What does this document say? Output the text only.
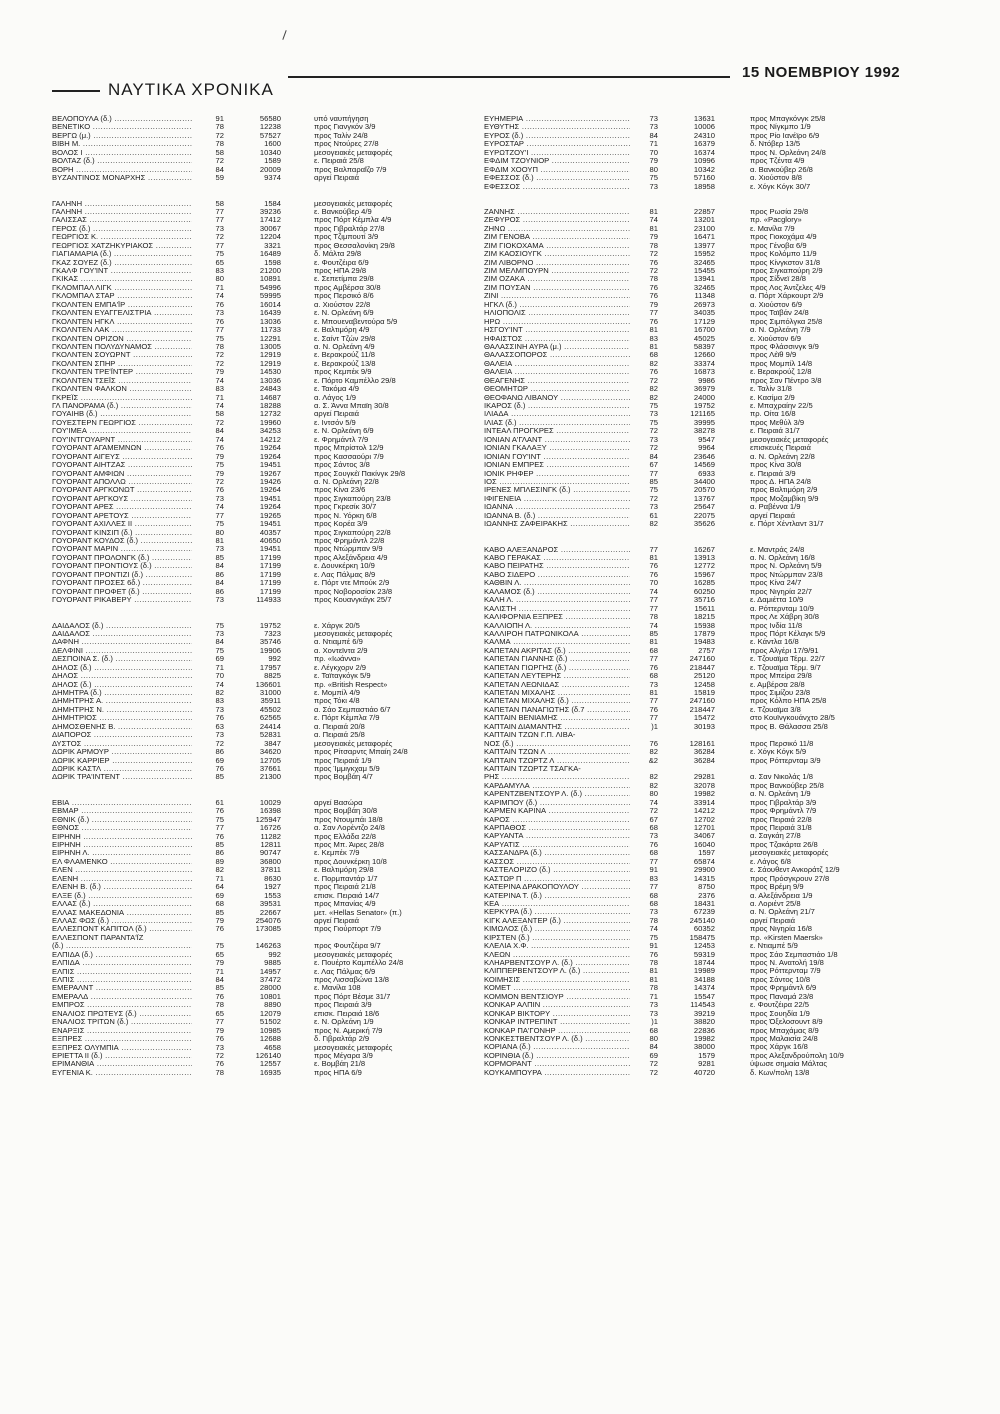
ΝΑΥΤΙΚΑ ΧΡΟΝΙΚΑ
15 ΝΟΕΜΒΡΙΟΥ 1992
ΒΕΛΟΠΟΥΛΑ (δ.) .....	91	56580	υπό ναυπήγηση
ΒΕΝΕΤΙΚΟ .....	78	12238	προς Γιανγκόν 3/9
ΒΕΡΓΩ (μ.) .....	72	57527	προς Ταλίν 24/8
ΒΙΒΗ Μ. .....	78	1600	προς Ντούρες 27/8
ΒΟΛΟΣ Ι .....	58	10340	μεσογειακές μεταφορές
ΒΟΛΤΑΖ (δ.) .....	72	1589	ε. Πειραιά 25/8
ΒΟΡΗ .....	84	20009	προς Βαλπαραΐζο 7/9
ΒΥΖΑΝΤΙΝΟΣ ΜΟΝΑΡΧΗΣ .....	59	9374	αργεί Πειραιά
ΓΑΛΗΝΗ .....	58	1584	μεσογειακές μεταφορές
ΓΑΛΗΝΗ .....	77	39236	ε. Βανκούβερ 4/9
ΓΑΛΙΣΣΑΣ .....	77	17412	προς Πόρτ Κέμπλα 4/9
ΓΕΡΟΣ (δ.) .....	73	30067	προς Γιβραλτάρ 27/8
ΓΕΩΡΓΙΟΣ Κ. .....	72	12204	προς Τζιμπουτί 3/9
ΓΕΩΡΓΙΟΣ ΧΑΤΖΗΚΥΡΙΑΚΟΣ .....	77	3321	προς Θεσσαλονίκη 29/8
ΓΙΑΓΙΑΜΑΡΙΑ (δ.) .....	75	16489	δ. Μάλτα 29/8
ΓΚΑΖ ΣΟΥΕΖ (δ.) .....	65	1598	ε. Φουτζέιρα 6/9
ΓΚΑΛΦ ΓΟΥ'ΙΝΤ .....	83	21200	προς ΗΠΑ 29/8
ΓΚΙΚΑΣ .....	80	10891	ε. Σεπετίμπα 29/8
ΓΚΛΟΜΠΑΛ ΛΙΓΚ .....	71	54996	προς Αμβέρσα 30/8
ΓΚΛΟΜΠΑΛ ΣΤΑΡ .....	74	59995	προς Περσικό 8/6
ΓΚΟΛΝΤΕΝ ΕΜΠΑ'ΪΡ .....	76	16014	α. Χιούστον 22/8
ΓΚΟΛΝΤΕΝ ΕΥΑΓΓΕΛΙΣΤΡΙΑ .....	73	16439	ε. Ν. Ορλεάνη 6/9
ΓΚΟΛΝΤΕΝ ΗΓΚΛ .....	76	13036	ε. Μπουεναβεντούρα 5/9
ΓΚΟΛΝΤΕΝ ΛΑΚ .....	77	11733	ε. Βαλτιμόρη 4/9
ΓΚΟΛΝΤΕΝ ΟΡΙΖΟΝ .....	75	12291	ε. Σαίντ Τζών 29/8
ΓΚΟΛΝΤΕΝ ΠΟΛΥΔΥΝΑΜΟΣ .....	78	13005	α. Ν. Ορλεάνη 4/9
ΓΚΟΛΝΤΕΝ ΣΟΥΩΡΝΤ .....	72	12919	ε. Βερακρούζ 11/8
ΓΚΟΛΝΤΕΝ ΣΠΗΡ .....	72	12919	ε. Βερακρούζ 13/8
ΓΚΟΛΝΤΕΝ ΤΡΕ'ΪΝΤΕΡ .....	79	14530	προς Κεμπέκ 9/9
ΓΚΟΛΝΤΕΝ ΤΣΕΪΣ .....	74	13036	ε. Πόρτο Καμπέλλο 29/8
ΓΚΟΛΝΤΕΝ ΦΑΛΚΟΝ .....	83	24843	ε. Τακόμα 4/9
ΓΚΡΕΪΣ .....	71	14687	α. Λάγος 1/9
ΓΛ ΠΑΝΟΡΑΜΑ (δ.) .....	74	18288	α. Σ. Άννα Μπαϊη 30/8
ΓΟΥΑΙΗΒ (δ.) .....	58	12732	αργεί Πειραιά
ΓΟΥΕΣΤΕΡΝ ΓΕΩΡΓΙΟΣ .....	72	19960	ε. Ιντσόν 5/9
ΓΟΥ'ΙΜΕΑ .....	84	34253	ε. Ν. Ορλεάνη 6/9
ΓΟΥ'ΙΝΤΓΟΥΑΡΝΤ .....	74	14212	ε. Φρημάντλ 7/9
ΓΟΥΟΡΑΝΤ ΑΓΑΜΕΜΝΩΝ .....	76	19264	προς Μπρίστολ 12/9
ΓΟΥΟΡΑΝΤ ΑΙΓΕΥΣ .....	79	19264	προς Κασσαούρι 7/9
ΓΟΥΟΡΑΝΤ ΑΙΗΤΖΑΣ .....	75	19451	προς Σάντος 3/8
ΓΟΥΟΡΑΝΤ ΑΜΦΙΩΝ .....	79	19267	προς Σουγκέϊ Πακίνγκ 29/8
ΓΟΥΟΡΑΝΤ ΑΠΟΛΛΩ .....	72	19426	α. Ν. Ορλεάνη 22/8
ΓΟΥΟΡΑΝΤ ΑΡΓΚΟΝΩΤ .....	76	19264	προς Κίνα 23/6
ΓΟΥΟΡΑΝΤ ΑΡΓΚΟΥΣ .....	73	19451	προς Σιγκαπούρη 23/8
ΓΟΥΟΡΑΝΤ ΑΡΕΣ .....	74	19264	προς Γκρεσίκ 30/7
ΓΟΥΟΡΑΝΤ ΑΡΕΤΟΥΣ .....	77	19265	προς Ν. Υόρκη 6/8
ΓΟΥΟΡΑΝΤ ΑΧΙΛΛΕΣ ΙΙ .....	75	19451	προς Κορέα 3/9
ΓΟΥΟΡΑΝΤ ΚΙΝΣΙΠ (δ.) .....	80	40357	προς Σιγκαπούρη 22/8
ΓΟΥΟΡΑΝΤ ΚΟΥΔΟΣ (δ.) .....	81	40650	προς Φρημάντλ 22/8
ΓΟΥΟΡΑΝΤ ΜΑΡΙΝ .....	73	19451	προς Ντώρμπαν 9/9
ΓΟΥΟΡΑΝΤ ΠΡΟΛΟΝΓΚ (δ.) .....	85	17199	προς Αλεξάνδρεια 4/9
ΓΟΥΟΡΑΝΤ ΠΡΟΝΤΙΟΥΣ (δ.) .....	84	17199	ε. Δουνκέρκη 10/9
ΓΟΥΟΡΑΝΤ ΠΡΟΝΤΙΖΙ (δ.) .....	86	17199	ε. Λας Πάλμας 8/9
ΓΟΥΟΡΑΝΤ ΠΡΟΣΕΣ 6δ.) .....	84	17199	ε. Πόρτ ντε Μπούκ 2/9
ΓΟΥΟΡΑΝΤ ΠΡΟΦΕΤ (δ.) .....	86	17199	προς Νοβοροσίσκ 23/8
ΓΟΥΟΡΑΝΤ ΡΙΚΑΒΕΡΥ .....	73	114933	προς Κουανγκάγκ 25/7
ΔΑΙΔΑΛΟΣ (δ.) .....	75	19752	ε. Χάργκ 20/5
ΔΑΙΔΑΛΟΣ .....	73	7323	μεσογειακές μεταφορές
ΔΑΦΝΗ .....	84	35746	α. Ντιαμπέ 6/9
ΔΕΛΦΙΝΙ .....	75	19906	α. Χοντεϊντα 2/9
ΔΕΣΠΟΙΝΑ Σ. (δ.) .....	69	992	πρ. «Ιωάννα»
ΔΗΛΟΣ (δ.) .....	71	17957	ε. Λέγκχορν 2/9
ΔΗΛΟΣ .....	70	8825	ε. Ταϊταγκόγκ 5/9
ΔΗΛΟΣ (δ.) .....	74	136601	πρ. «British Respect»
ΔΗΜΗΤΡΑ (δ.) .....	82	31000	ε. Μομπίλ 4/9
ΔΗΜΗΤΡΗΣ Α. .....	83	35911	προς Τόκι 4/8
ΔΗΜΗΤΡΗΣ Ν. .....	73	45502	α. Σάο Σεμπαστιάο 6/7
ΔΗΜΗΤΡΙΟΣ .....	76	62565	ε. Πόρτ Κέμπλα 7/9
ΔΗΜΟΣΘΕΝΗΣ Β. .....	63	24414	α. Πειραιά 20/8
ΔΙΑΠΟΡΟΣ .....	73	52831	α. Πειραιά 25/8
ΔΥΣΤΟΣ .....	72	3847	μεσογειακές μεταφορές
ΔΩΡΙΚ ΑΡΜΟΥΡ .....	86	34620	προς Ρίτσαρντς Μπαίη 24/8
ΔΩΡΙΚ ΚΑΡΡΙΕΡ .....	69	12705	προς Πειραιά 1/9
ΔΩΡΙΚ ΚΑΣΤΛ .....	76	37661	προς Ίμμιγκχαμ 5/9
ΔΩΡΙΚ ΤΡΑ'ΙΝΤΕΝΤ .....	85	21300	προς Βομβάη 4/7
ΕΒΙΑ .....	61	10029	αργεί Βασώρα
ΕΒΜΑΡ .....	76	16398	προς Βομβάη 30/8
ΕΘΝΙΚ (δ.) .....	75	125947	προς Ντουμπάι 18/8
ΕΘΝΟΣ .....	77	16726	α. Σαν Λορέντζο 24/8
ΕΙΡΗΝΗ .....	76	11282	προς Ελλάδα 22/8
ΕΙΡΗΝΗ .....	85	12811	προς Μπ. Άιρες 28/8
ΕΙΡΗΝΗ Λ. .....	86	90747	ε. Κεμπέκ 7/9
ΕΛ ΦΛΑΜΕΝΚΟ .....	89	36800	προς Δουνκέρκη 10/8
ΕΛΕΝ .....	82	37811	ε. Βαλτιμόρη 29/8
ΕΛΕΝΗ .....	71	8630	ε. Πορμπαντάρ 1/7
ΕΛΕΝΗ Β. (δ.) .....	64	1927	προς Πειραιά 21/8
ΕΛΞΕ (δ.) .....	69	1553	επισκ. Πειραιά 14/7
ΕΛΛΑΣ (δ.) .....	68	39531	προς Μπανίας 4/9
ΕΛΛΑΣ ΜΑΚΕΔΟΝΙΑ .....	85	22667	μετ. «Hellas Senator» (π.)
ΕΛΛΑΣ ΦΩΣ (δ.) .....	79	254076	αργεί Πειραιά
ΕΛΛΕΣΠΟΝΤ ΚΑΠΙΤΟΛ (δ.) .....	76	173085	προς Γιούρπορτ 7/9
ΕΛΛΕΣΠΟΝΤ ΠΑΡΑΝΤΑ'ΪΖ
(δ.) .....	75	146263	προς Φουτζέιρα 9/7
ΕΛΠΙΔΑ (δ.) .....	65	992	μεσογειακές μεταφορές
ΕΛΠΙΔΑ .....	79	9885	ε. Πουέρτο Καμπέλλο 24/8
ΕΛΠΙΣ .....	71	14957	ε. Λας Πάλμας 6/9
ΕΛΠΙΣ .....	84	37472	προς Λισσαβώνα 13/8
ΕΜΕΡΑΛΝΤ .....	85	28000	ε. Μανίλα 108
ΕΜΕΡΑΛΔ .....	76	10801	προς Πόρτ Βέσμε 31/7
ΕΜΠΡΟΣ .....	78	8890	προς Πειραιά 3/9
ΕΝΑΛΙΟΣ ΠΡΩΤΕΥΣ (δ.) .....	65	12079	επισκ. Πειραιά 18/6
ΕΝΑΛΙΟΣ ΤΡΙΤΩΝ (δ.) .....	77	51502	ε. Ν. Ορλεάνη 1/9
ΕΝΑΡΞΙΣ .....	79	10985	προς Ν. Αμερική 7/9
ΕΞΠΡΕΣ .....	76	12688	δ. Γιβραλτάρ 2/9
ΕΞΠΡΕΣ ΟΛΥΜΠΙΑ .....	73	4658	μεσογειακές μεταφορές
ΕΡΙΕΤΤΑ ΙΙ (δ.) .....	72	126140	προς Μέγαρα 3/9
ΕΡΙΜΑΝΘΙΑ .....	76	12557	ε. Βομβάη 21/8
ΕΥΓΕΝΙΑ Κ. .....	78	16935	προς ΗΠΑ 6/9
ΕΥΗΜΕΡΙΑ .....	73	13631	προς Μπαγκόνγκ 25/8
ΕΥΘΥΤΗΣ .....	73	10006	προς Νίγκμπο 1/9
ΕΥΡΟΣ (δ.) .....	84	24310	προς Ρίο Ιανέϊρο 6/9
ΕΥΡΟΣΤΑΡ .....	71	16379	δ. Ντόβερ 13/5
ΕΥΡΩΤΖΟΥ'Ι .....	70	16374	προς Ν. Ορλεάνη 24/8
ΕΦΔΙΜ ΤΖΟΥΝΙΟΡ .....	79	10996	προς Τζέντα 4/9
ΕΦΔΙΜ ΧΟΟΥΠ .....	80	10342	α. Βανκούβερ 26/8
ΕΦΕΣΣΟΣ (δ.) .....	75	57160	α. Χιούστον 8/8
ΕΦΕΣΣΟΣ .....	73	18958	ε. Χόγκ Κόγκ 30/7
ΖΑΝΝΗΣ .....	81	22857	προς Ρωσία 29/8
ΖΕΦΥΡΟΣ .....	74	13201	πρ. «Pacglory»
ΖΗΝΩ .....	81	23100	ε. Μανίλα 7/9
ΖΙΜ ΓΕΝΟΒΑ .....	79	16471	προς Γιοκοχάμα 4/9
ΖΙΜ ΓΙΟΚΟΧΑΜΑ .....	78	13977	προς Γένοβα 6/9
ΖΙΜ ΚΑΟΣΙΟΥΓΚ .....	72	15952	προς Κολόμπο 11/9
ΖΙΜ ΛΙΒΟΡΝΟ .....	76	32465	προς Κίνγκστον 31/8
ΖΙΜ ΜΕΛΜΠΟΥΡΝ .....	72	15455	προς Σιγκαπούρη 2/9
ΖΙΜ ΟΖΑΚΑ .....	78	13941	προς Σίδνεϊ 28/8
ΖΙΜ ΠΟΥΣΑΝ .....	76	32465	προς Λος Άντζελες 4/9
ΖΙΝΙ .....	76	11348	α. Πόρτ Χάρκουρτ 2/9
ΗΓΚΛ (δ.) .....	79	26973	α. Χιούστον 6/9
ΗΛΙΟΠΟΛΙΣ .....	77	34035	προς Ταϊβάν 24/8
ΗΡΩ .....	76	17129	προς Σιμπόλγκα 25/8
ΗΣΓΟΥ'ΙΝΤ .....	81	16700	α. Ν. Ορλεάνη 7/9
ΗΦΑΙΣΤΟΣ .....	83	45025	ε. Χιούστον 6/9
ΘΑΛΑΣΣΙΝΗ ΑΥΡΑ (μ.) .....	81	58397	προς Φλάσσινγκ 9/9
ΘΑΛΑΣΣΟΠΟΡΟΣ .....	68	12660	προς Λέϊθ 9/9
ΘΑΛΕΙΑ .....	82	33374	προς Μομπίλ 14/8
ΘΑΛΕΙΑ .....	76	16873	ε. Βερακρούζ 12/8
ΘΕΑΓΕΝΗΣ .....	72	9986	προς Σαν Πέντρο 3/8
ΘΕΟΜΗΤΩΡ .....	82	36979	ε. Ταλίν 31/8
ΘΕΟΦΑΝΩ ΛΙΒΑΝΟΥ .....	82	24000	ε. Κασίμα 2/9
ΙΚΑΡΟΣ (δ.) .....	75	19752	ε. Μπαχραίην 22/5
ΙΛΙΑΔΑ .....	73	121165	πρ. Οίτα 16/8
ΙΛΙΑΣ (δ.) .....	75	39995	προς Μεθύλ 3/9
ΙΝΤΕΑΛ ΠΡΟΓΚΡΕΣ .....	72	38278	ε. Πειραιά 31/7
ΙΟΝΙΑΝ Α'ΓΛΑΝΤ .....	73	9547	μεσογειακές μεταφορές
ΙΟΝΙΑΝ ΓΚΑΛΑΞΥ .....	72	9964	επισκευές Πειραιά
ΙΟΝΙΑΝ ΓΟΥ'ΙΝΤ .....	84	23646	α. Ν. Ορλεάνη 22/8
ΙΟΝΙΑΝ ΕΜΠΡΕΣ .....	67	14569	προς Κίνα 30/8
ΙΟΝΙΚ ΡΗΦΕΡ .....	77	6933	ε. Πειραιά 3/9
ΙΟΣ .....	85	34400	προς Δ. ΗΠΑ 24/8
ΙΡΕΝΕΣ ΜΠΛΕΣΙΝΓΚ (δ.) .....	75	20570	προς Βαλτιμόρη 2/9
ΙΦΙΓΕΝΕΙΑ .....	72	13767	προς Μοζαμβίκη 9/9
ΙΩΑΝΝΑ .....	73	25647	α. Ραβέννα 1/9
ΙΩΑΝΝΑ Β. (δ.) .....	61	22075	αργεί Πειραιά
ΙΩΑΝΝΗΣ ΖΑΦΕΙΡΑΚΗΣ .....	82	35626	ε. Πόρτ Χέντλαντ 31/7
ΚΑΒΟ ΑΛΕΞΑΝΔΡΟΣ .....	77	16267	ε. Μαντράς 24/8
ΚΑΒΟ ΓΕΡΑΚΑΣ .....	81	13913	α. Ν. Ορλεάνη 16/8
ΚΑΒΟ ΠΕΙΡΑΤΗΣ .....	76	12772	προς Ν. Ορλεάνη 5/9
ΚΑΒΟ ΣΙΔΕΡΟ .....	76	15967	προς Ντώρμπαν 23/8
ΚΑΘΒΙΝ Λ. .....	70	16285	προς Κίνα 24/7
ΚΑΛΑΜΟΣ (δ.) .....	74	60250	προς Νιγηρία 22/7
ΚΑΛΗ Λ. .....	77	35716	ε. Δαμιέττα 10/9
ΚΑΛΙΣΤΗ .....	77	15611	α. Ρόττερνταμ 10/9
ΚΑΛΙΦΟΡΝΙΑ ΕΞΠΡΕΣ .....	78	18215	προς Λε Χάβρη 30/8
ΚΑΛΛΙΟΠΗ Λ. .....	74	15938	προς Ινδία 11/8
ΚΑΛΛΙΡΟΗ ΠΑΤΡΩΝΙΚΟΛΑ .....	85	17879	προς Πόρτ Κέλαγκ 5/9
ΚΑΛΜΑ .....	81	19483	ε. Κάντλα 16/8
ΚΑΠΕΤΑΝ ΑΚΡΙΤΑΣ (δ.) .....	68	2757	προς Αλγέρι 17/9/91
ΚΑΠΕΤΑΝ ΓΙΑΝΝΗΣ (δ.) .....	77	247160	ε. Τζουαϊμα Τέρμ. 22/7
ΚΑΠΕΤΑΝ ΓΙΩΡΓΗΣ (δ.) .....	76	218447	ε. Τζουαϊμα Τέρμ. 9/7
ΚΑΠΕΤΑΝ ΛΕΥΤΕΡΗΣ .....	68	25120	προς Μπείρα 29/8
ΚΑΠΕΤΑΝ ΛΕΩΝΙΔΑΣ .....	73	12458	ε. Αμβέρσα 28/8
ΚΑΠΕΤΑΝ ΜΙΧΑΛΗΣ .....	81	15819	προς Σιμίζου 23/8
ΚΑΠΕΤΑΝ ΜΙΧΑΛΗΣ (δ.) .....	77	247160	προς Κόλπο ΗΠΑ 25/8
ΚΑΠΕΤΑΝ ΠΑΝΑΓΙΩΤΗΣ (δ.7 .....	76	218447	ε. Τζουαϊμα 3/8
ΚΑΠΤΑΙΝ ΒΕΝΙΑΜΗΣ .....	77	15472	στο Κουϊνγκουάνχτο 28/5
ΚΑΠΤΑΙΝ ΔΙΑΜΑΝΤΗΣ .....	)1	30193	προς Β. Θάλασσα 25/8
ΚΑΠΤΑΙΝ ΤΖΩΝ Γ.Π. ΛΙΒΑ-
ΝΟΣ (δ.) .....	76	128161	προς Περσικό 11/8
ΚΑΠΤΑΙΝ ΤΖΩΝ Λ .....	82	36284	ε. Χόγκ Κόγκ 5/9
ΚΑΠΤΑΙΝ ΤΖΩΡΤΖ Λ .....	&2	36284	προς Ρόττερνταμ 3/9
ΚΑΠΤΑΙΝ ΤΖΩΡΤΖ ΤΣΑΓΚΑ-
ΡΗΣ .....	82	29281	α. Σαν Νικολάς 1/8
ΚΑΡΔΑΜΥΛΑ .....	82	32078	προς Βανκούβερ 25/8
ΚΑΡΕΝΤΖΒΕΝΤΣΟΥΡ Λ. (δ.) .....	80	19982	α. Ν. Ορλεάνη 1/9
ΚΑΡΙΜΠΟΥ (δ.) .....	74	33914	προς Γιβραλτάρ 3/9
ΚΑΡΜΕΝ ΚΑΡΙΝΑ .....	72	14212	προς Φρημάντλ 7/9
ΚΑΡΟΣ .....	67	12702	προς Πειραιά 22/8
ΚΑΡΠΑΘΟΣ .....	68	12701	προς Πειραιά 31/8
ΚΑΡΥΑΝΤΑ .....	73	34067	α. Σαγκάη 27/8
ΚΑΡΥΑΤΙΣ .....	76	16040	προς Τζακάρτα 26/8
ΚΑΣΣΑΝΔΡΑ (δ.) .....	68	1597	μεσογειακές μεταφορές
ΚΑΣΣΟΣ .....	77	65874	ε. Λάγος 6/8
ΚΑΣΤΕΛΟΡΙΖΟ (δ.) .....	91	29900	ε. Σάουθεντ Ανκοράτζ 12/9
ΚΑΣΤΩΡ Π .....	83	14315	προς Πρόσγκρουν 27/8
ΚΑΤΕΡΙΝΑ ΔΡΑΚΟΠΟΥΛΟΥ .....	77	8750	προς Βρέμη 9/9
ΚΑΤΕΡΙΝΑ Τ. (δ.) .....	68	2376	α. Αλεξάνδρεια 1/9
ΚΕΑ .....	68	18431	α. Λοριέντ 25/8
ΚΕΡΚΥΡΑ (δ.) .....	73	67239	α. Ν. Ορλεάνη 21/7
ΚΙΓΚ ΑΛΕΞΑΝΤΕΡ (δ.) .....	78	245140	αργεί Πειραιά
ΚΙΜΩΛΟΣ (δ.) .....	74	60352	προς Νιγηρία 16/8
ΚΙΡΣΤΕΝ (δ.) .....	75	158475	πρ. «Kirsten Maersk»
ΚΛΕΛΙΑ Χ.Φ. .....	91	12453	ε. Ντιαμπέ 5/9
ΚΛΕΩΝ .....	76	59319	προς Σάο Σεμπαστιάο 1/8
ΚΛΗΑΡΒΕΝΤΣΟΥΡ Λ. (δ.) .....	78	18744	προς Ν. Ανατολή 19/8
ΚΛΙΠΠΕΡΒΕΝΤΣΟΥΡ Λ. (δ.) .....	81	19989	προς Ρόττερνταμ 7/9
ΚΟΙΜΗΣΙΣ .....	81	34188	προς Σάντος 10/8
ΚΟΜΕΤ .....	78	14374	προς Φρημάντλ 6/9
ΚΟΜΜΟΝ ΒΕΝΤΣΙΟΥΡ .....	71	15547	προς Παναμά 23/8
ΚΟΝΚΑΡ ΑΛΠΙΝ .....	73	114543	ε. Φουτζέιρα 22/5
ΚΟΝΚΑΡ ΒΙΚΤΟΡΥ .....	73	39219	προς Σουηδία 1/9
ΚΟΝΚΑΡ ΙΝΤΡΕΠΙΝΤ .....	)1	38820	προς Όξελοσουντ 8/9
ΚΟΝΚΑΡ ΠΑ'ΓΟΝΗΡ .....	68	22836	προς Μπαχάμας 8/9
ΚΟΝΚΕΣΤΒΕΝΤΣΟΥΡ Λ. (δ.) .....	80	19982	προς Μαλαισία 24/8
ΚΟΡΙΑΝΑ (δ.) .....	84	38000	προς Χάργκ 16/8
ΚΟΡΙΝΘΙΑ (δ.) .....	69	1579	προς Αλεξανδρούπολη 10/9
ΚΟΡΜΟΡΑΝΤ .....	72	9281	ύψωσε σημαία Μάλτας
ΚΟΥΚΑΜΠΟΥΡΑ .....	72	40720	δ. Κων/πολη 13/8
